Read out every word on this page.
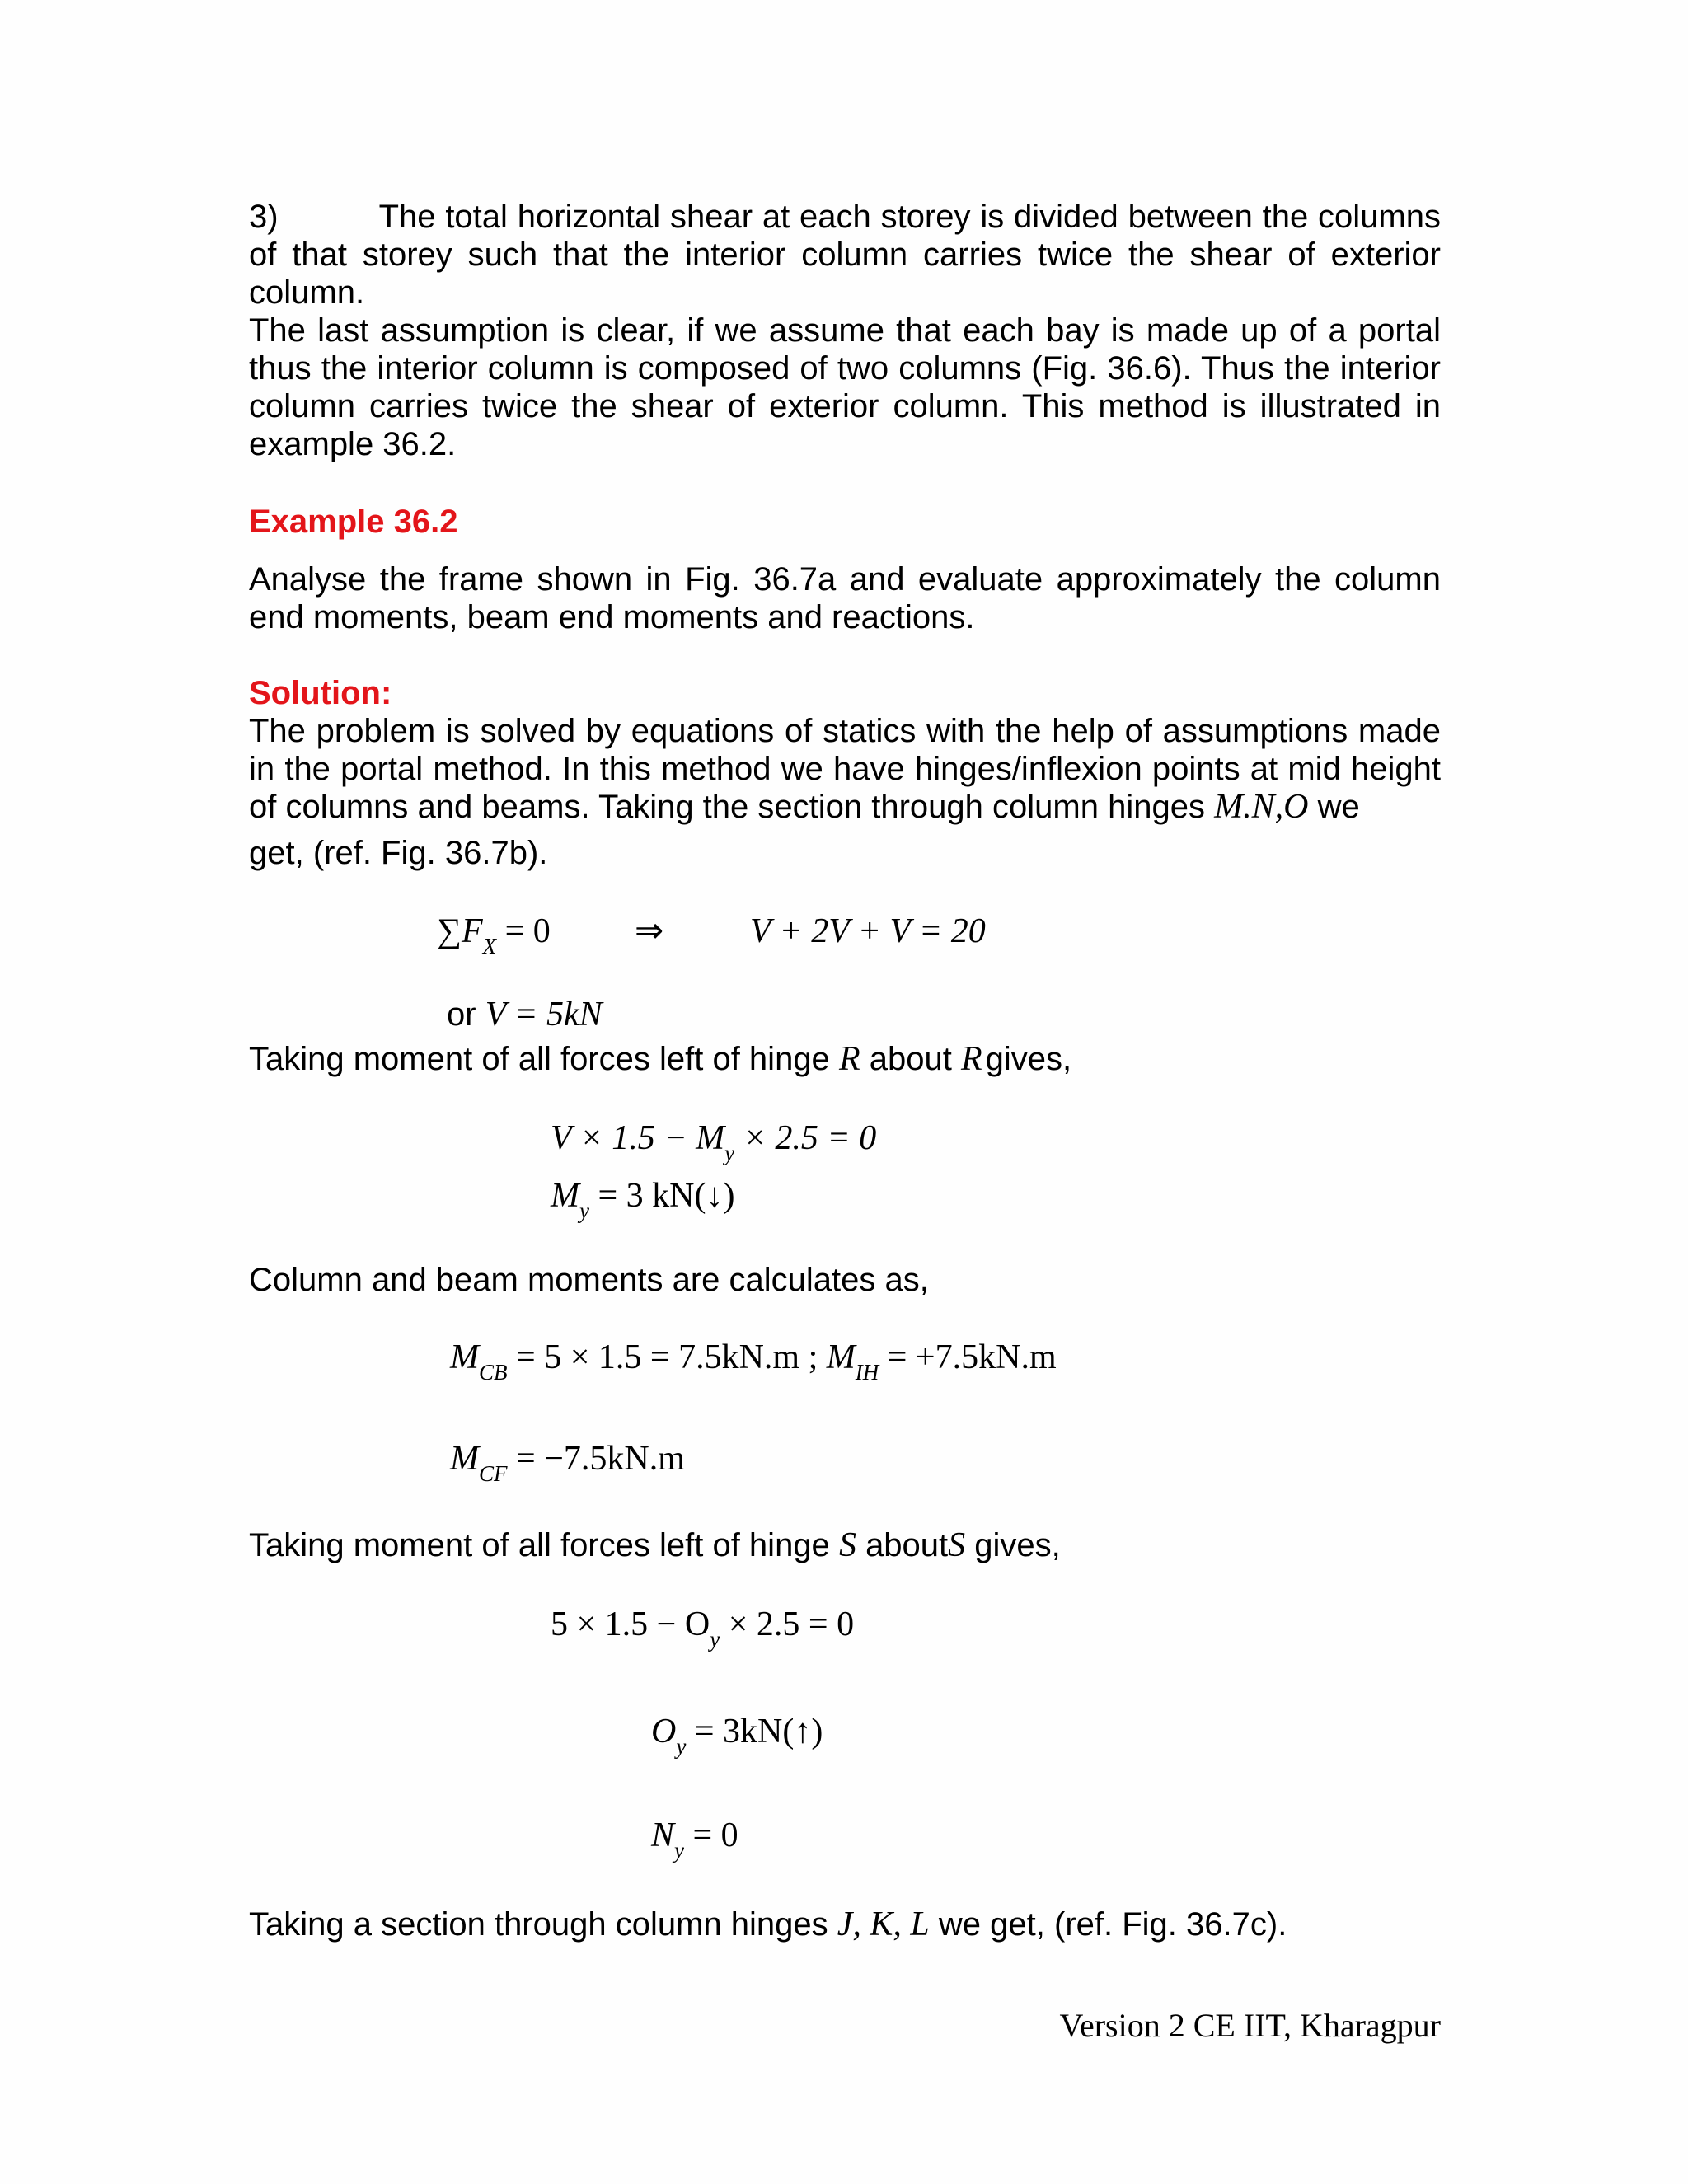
3)	The total horizontal shear at each storey is divided between the columns of that storey such that the interior column carries twice the shear of exterior column.

The last assumption is clear, if we assume that each bay is made up of a portal thus the interior column is composed of two columns (Fig. 36.6). Thus the interior column carries twice the shear of exterior column. This method is illustrated in example 36.2.

Example 36.2

Analyse the frame shown in Fig. 36.7a and evaluate approximately the column end moments, beam end moments and reactions.

Solution:

The problem is solved by equations of statics with the help of assumptions made in the portal method. In this method we have hinges/inflexion points at mid height of columns and beams. Taking the section through column hinges M.N,O we

get, (ref. Fig. 36.7b).

$\sum F_X = 0$ ⇒ V + 2V + V = 20
or V = 5kN

Taking moment of all forces left of hinge R about R gives,

$V \times 1.5 - M_y \times 2.5 = 0$
$M_y = 3$ kN(↓)

Column and beam moments are calculates as,

$M_{CB} = 5 \times 1.5 = 7.5kN.m$ ; $M_{IH} = +7.5kN.m$
$M_{CF} = -7.5kN.m$

Taking moment of all forces left of hinge S aboutS gives,

$5 \times 1.5 - O_y \times 2.5 = 0$
$O_y$ = 3kN(↑)
$N_y = 0$

Taking a section through column hinges J, K, L we get, (ref. Fig. 36.7c).

Version 2 CE IIT, Kharagpur
